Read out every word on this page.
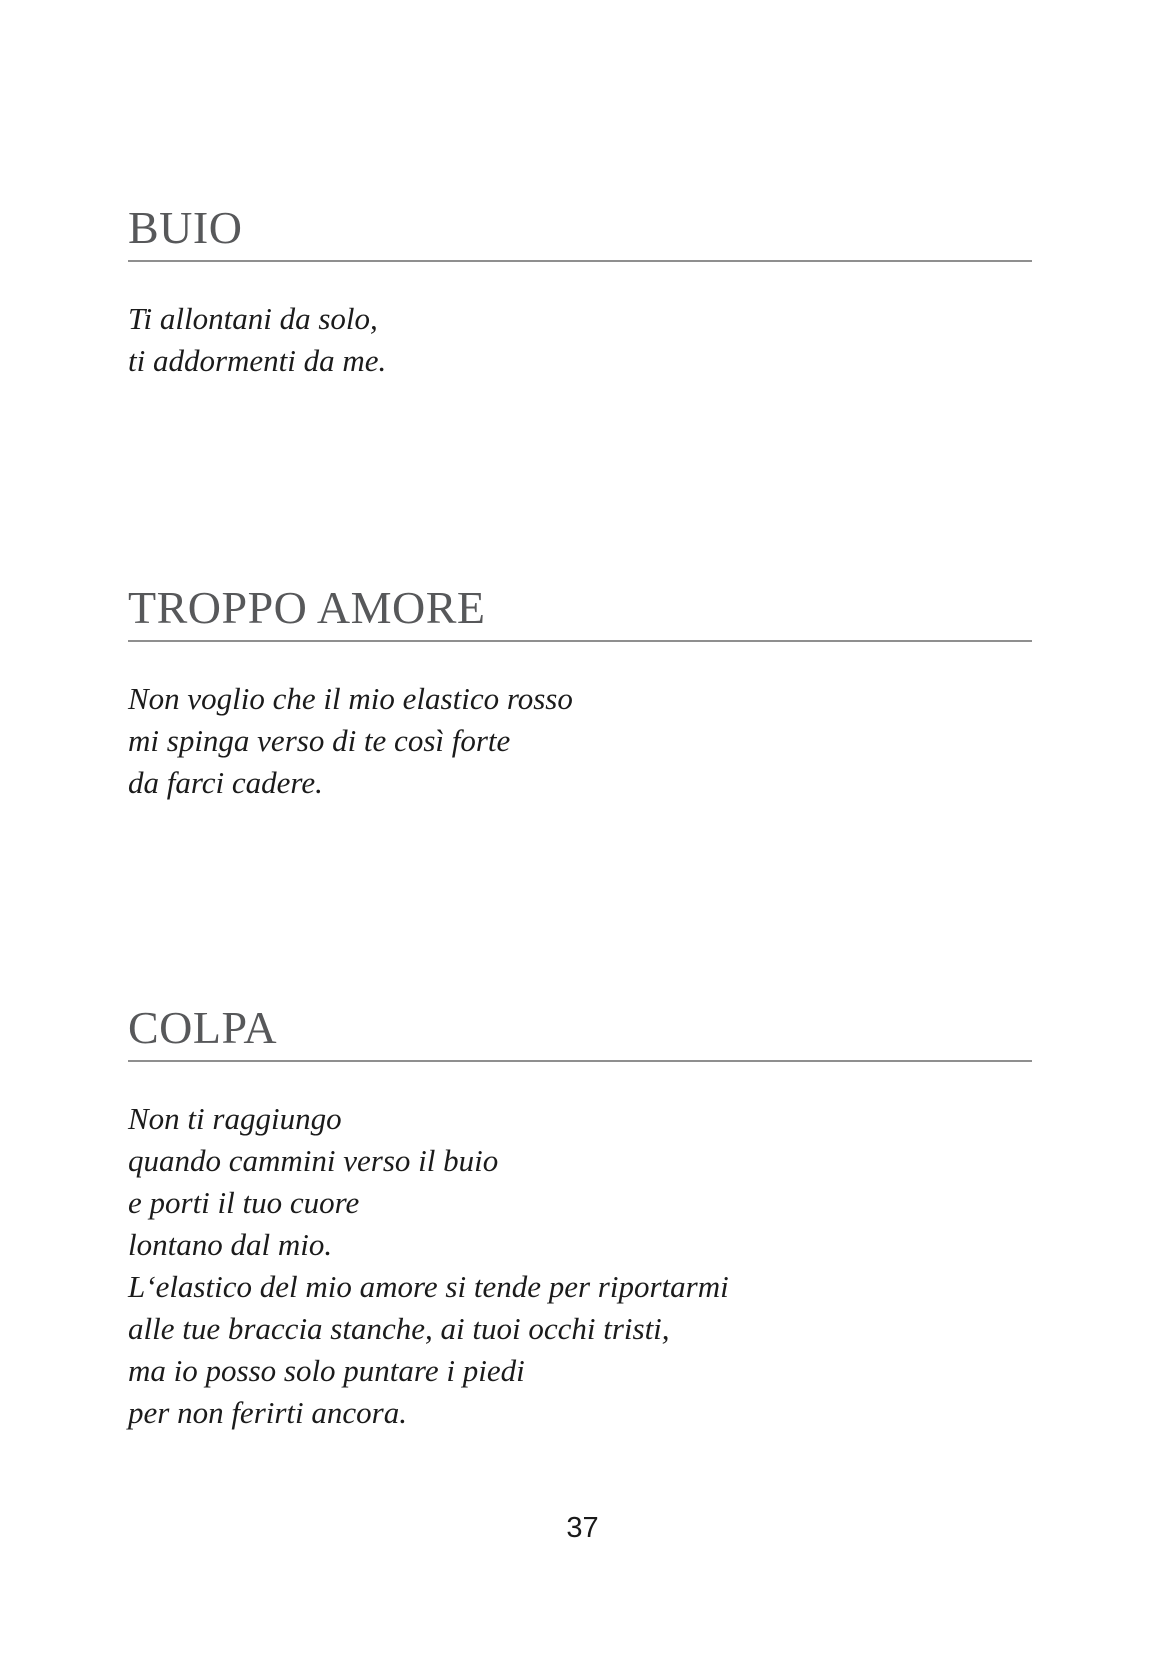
BUIO
Ti allontani da solo,
ti addormenti da me.
TROPPO AMORE
Non voglio che il mio elastico rosso
mi spinga verso di te così forte
da farci cadere.
COLPA
Non ti raggiungo
quando cammini verso il buio
e porti il tuo cuore
lontano dal mio.
L‘elastico del mio amore si tende per riportarmi
alle tue braccia stanche, ai tuoi occhi tristi,
ma io posso solo puntare i piedi
per non ferirti ancora.
37
